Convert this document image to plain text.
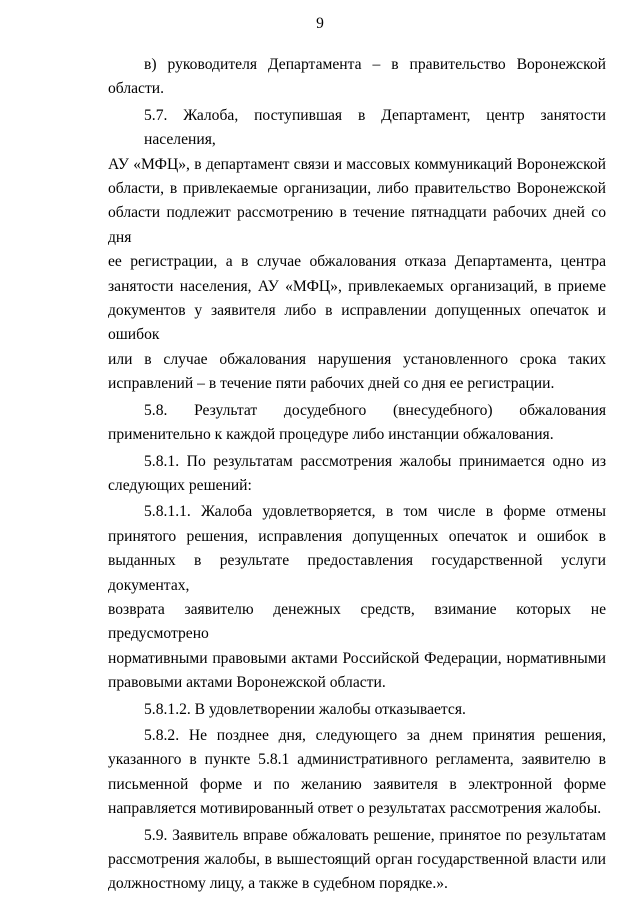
9
в) руководителя Департамента – в правительство Воронежской
области.
5.7. Жалоба, поступившая в Департамент, центр занятости населения,
АУ «МФЦ», в департамент связи и массовых коммуникаций Воронежской
области, в привлекаемые организации, либо правительство Воронежской
области подлежит рассмотрению в течение пятнадцати рабочих дней со дня
ее регистрации, а в случае обжалования отказа Департамента, центра
занятости населения, АУ «МФЦ», привлекаемых организаций, в приеме
документов у заявителя либо в исправлении допущенных опечаток и ошибок
или в случае обжалования нарушения установленного срока таких
исправлений – в течение пяти рабочих дней со дня ее регистрации.
5.8. Результат досудебного (внесудебного) обжалования
применительно к каждой процедуре либо инстанции обжалования.
5.8.1. По результатам рассмотрения жалобы принимается одно из
следующих решений:
5.8.1.1. Жалоба удовлетворяется, в том числе в форме отмены
принятого решения, исправления допущенных опечаток и ошибок в
выданных в результате предоставления государственной услуги документах,
возврата заявителю денежных средств, взимание которых не предусмотрено
нормативными правовыми актами Российской Федерации, нормативными
правовыми актами Воронежской области.
5.8.1.2. В удовлетворении жалобы отказывается.
5.8.2. Не позднее дня, следующего за днем принятия решения,
указанного в пункте 5.8.1 административного регламента, заявителю в
письменной форме и по желанию заявителя в электронной форме
направляется мотивированный ответ о результатах рассмотрения жалобы.
5.9. Заявитель вправе обжаловать решение, принятое по результатам
рассмотрения жалобы, в вышестоящий орган государственной власти или
должностному лицу, а также в судебном порядке.».
